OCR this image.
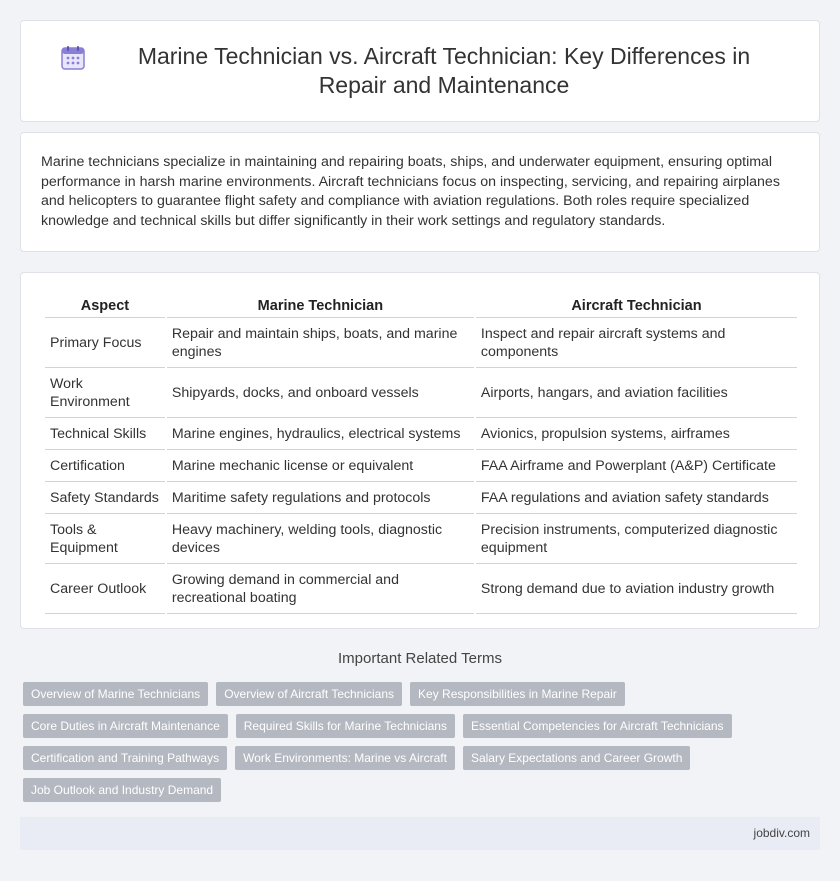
Marine Technician vs. Aircraft Technician: Key Differences in Repair and Maintenance

Marine technicians specialize in maintaining and repairing boats, ships, and underwater equipment, ensuring optimal performance in harsh marine environments. Aircraft technicians focus on inspecting, servicing, and repairing airplanes and helicopters to guarantee flight safety and compliance with aviation regulations. Both roles require specialized knowledge and technical skills but differ significantly in their work settings and regulatory standards.

Aspect	Marine Technician	Aircraft Technician
Primary Focus	Repair and maintain ships, boats, and marine engines	Inspect and repair aircraft systems and components
Work Environment	Shipyards, docks, and onboard vessels	Airports, hangars, and aviation facilities
Technical Skills	Marine engines, hydraulics, electrical systems	Avionics, propulsion systems, airframes
Certification	Marine mechanic license or equivalent	FAA Airframe and Powerplant (A&P) Certificate
Safety Standards	Maritime safety regulations and protocols	FAA regulations and aviation safety standards
Tools & Equipment	Heavy machinery, welding tools, diagnostic devices	Precision instruments, computerized diagnostic equipment
Career Outlook	Growing demand in commercial and recreational boating	Strong demand due to aviation industry growth
Important Related Terms
Overview of Marine Technicians	Overview of Aircraft Technicians	Key Responsibilities in Marine Repair
Core Duties in Aircraft Maintenance	Required Skills for Marine Technicians	Essential Competencies for Aircraft Technicians
Certification and Training Pathways	Work Environments: Marine vs Aircraft	Salary Expectations and Career Growth
Job Outlook and Industry Demand
jobdiv.com
